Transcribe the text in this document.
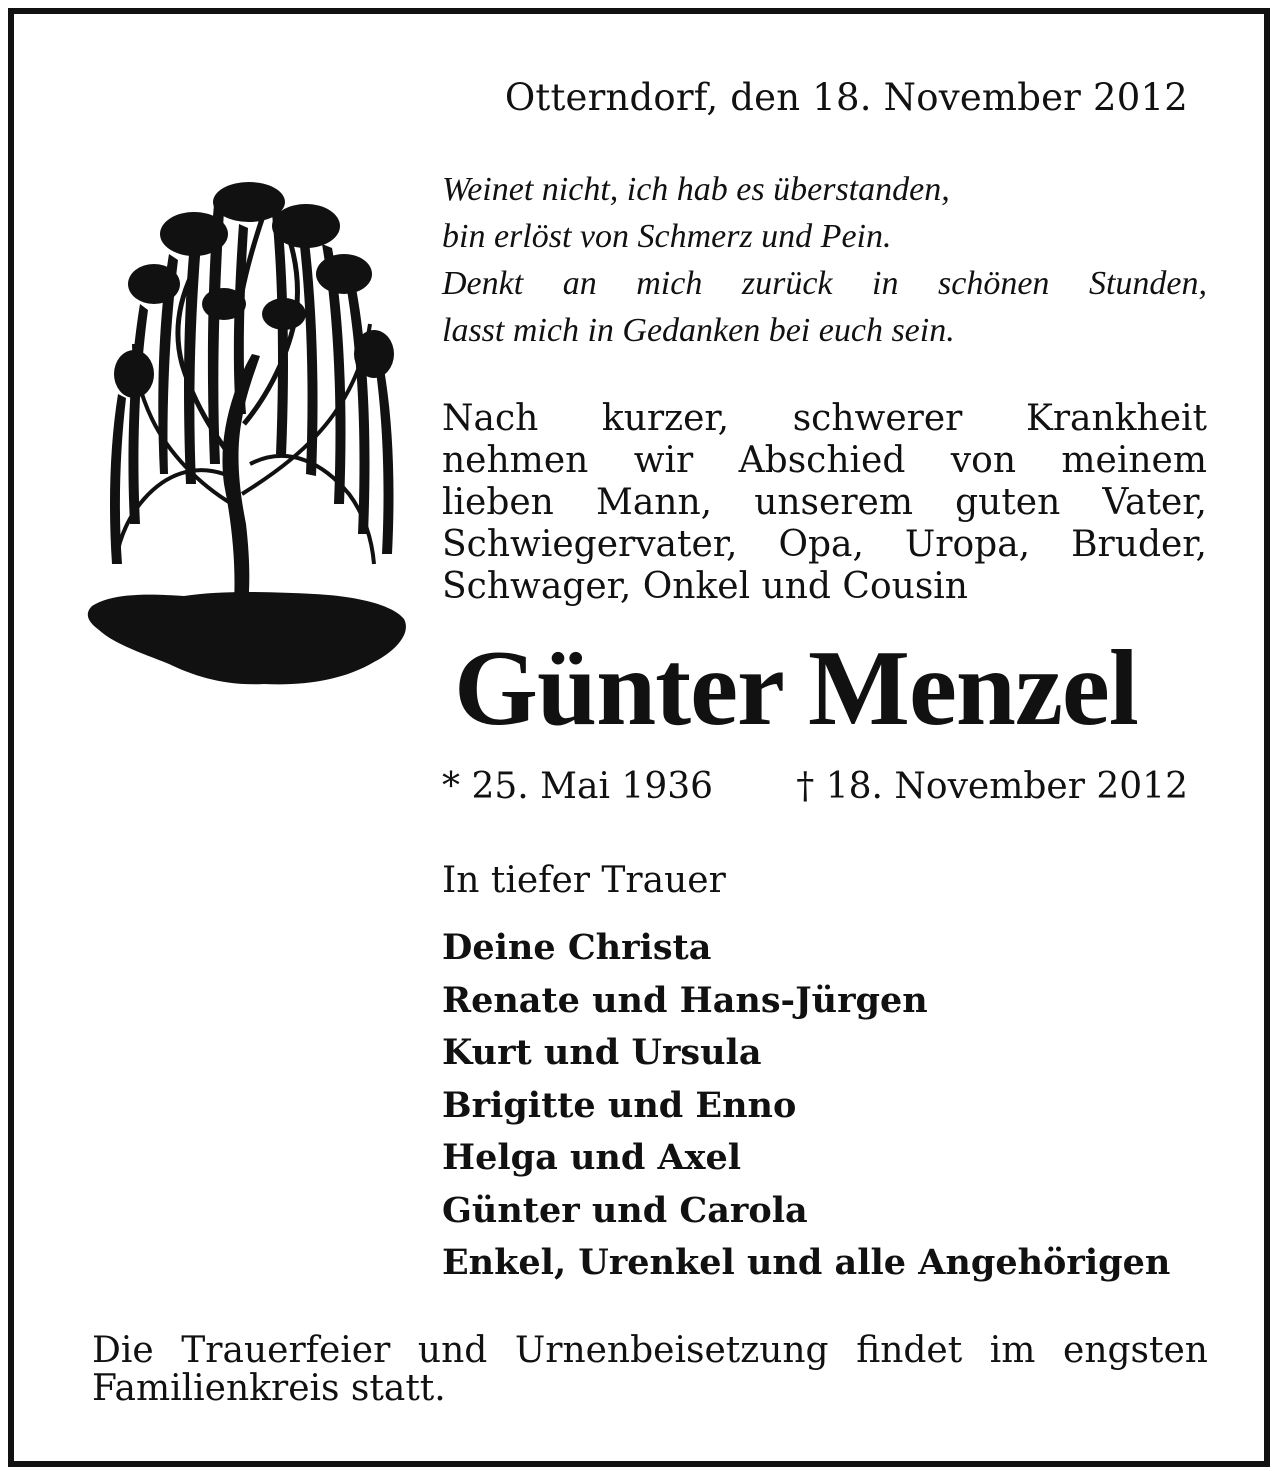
Otterndorf, den 18. November 2012
Weinet nicht, ich hab es überstanden,
bin erlöst von Schmerz und Pein.
Denkt an mich zurück in schönen Stunden,
lasst mich in Gedanken bei euch sein.
Nach kurzer, schwerer Krankheit
nehmen wir Abschied von meinem
lieben Mann, unserem guten Vater,
Schwiegervater, Opa, Uropa, Bruder,
Schwager, Onkel und Cousin
Günter Menzel
* 25. Mai 1936 † 18. November 2012
In tiefer Trauer
Deine Christa
Renate und Hans-Jürgen
Kurt und Ursula
Brigitte und Enno
Helga und Axel
Günter und Carola
Enkel, Urenkel und alle Angehörigen
Die Trauerfeier und Urnenbeisetzung findet im engsten
Familienkreis statt.
